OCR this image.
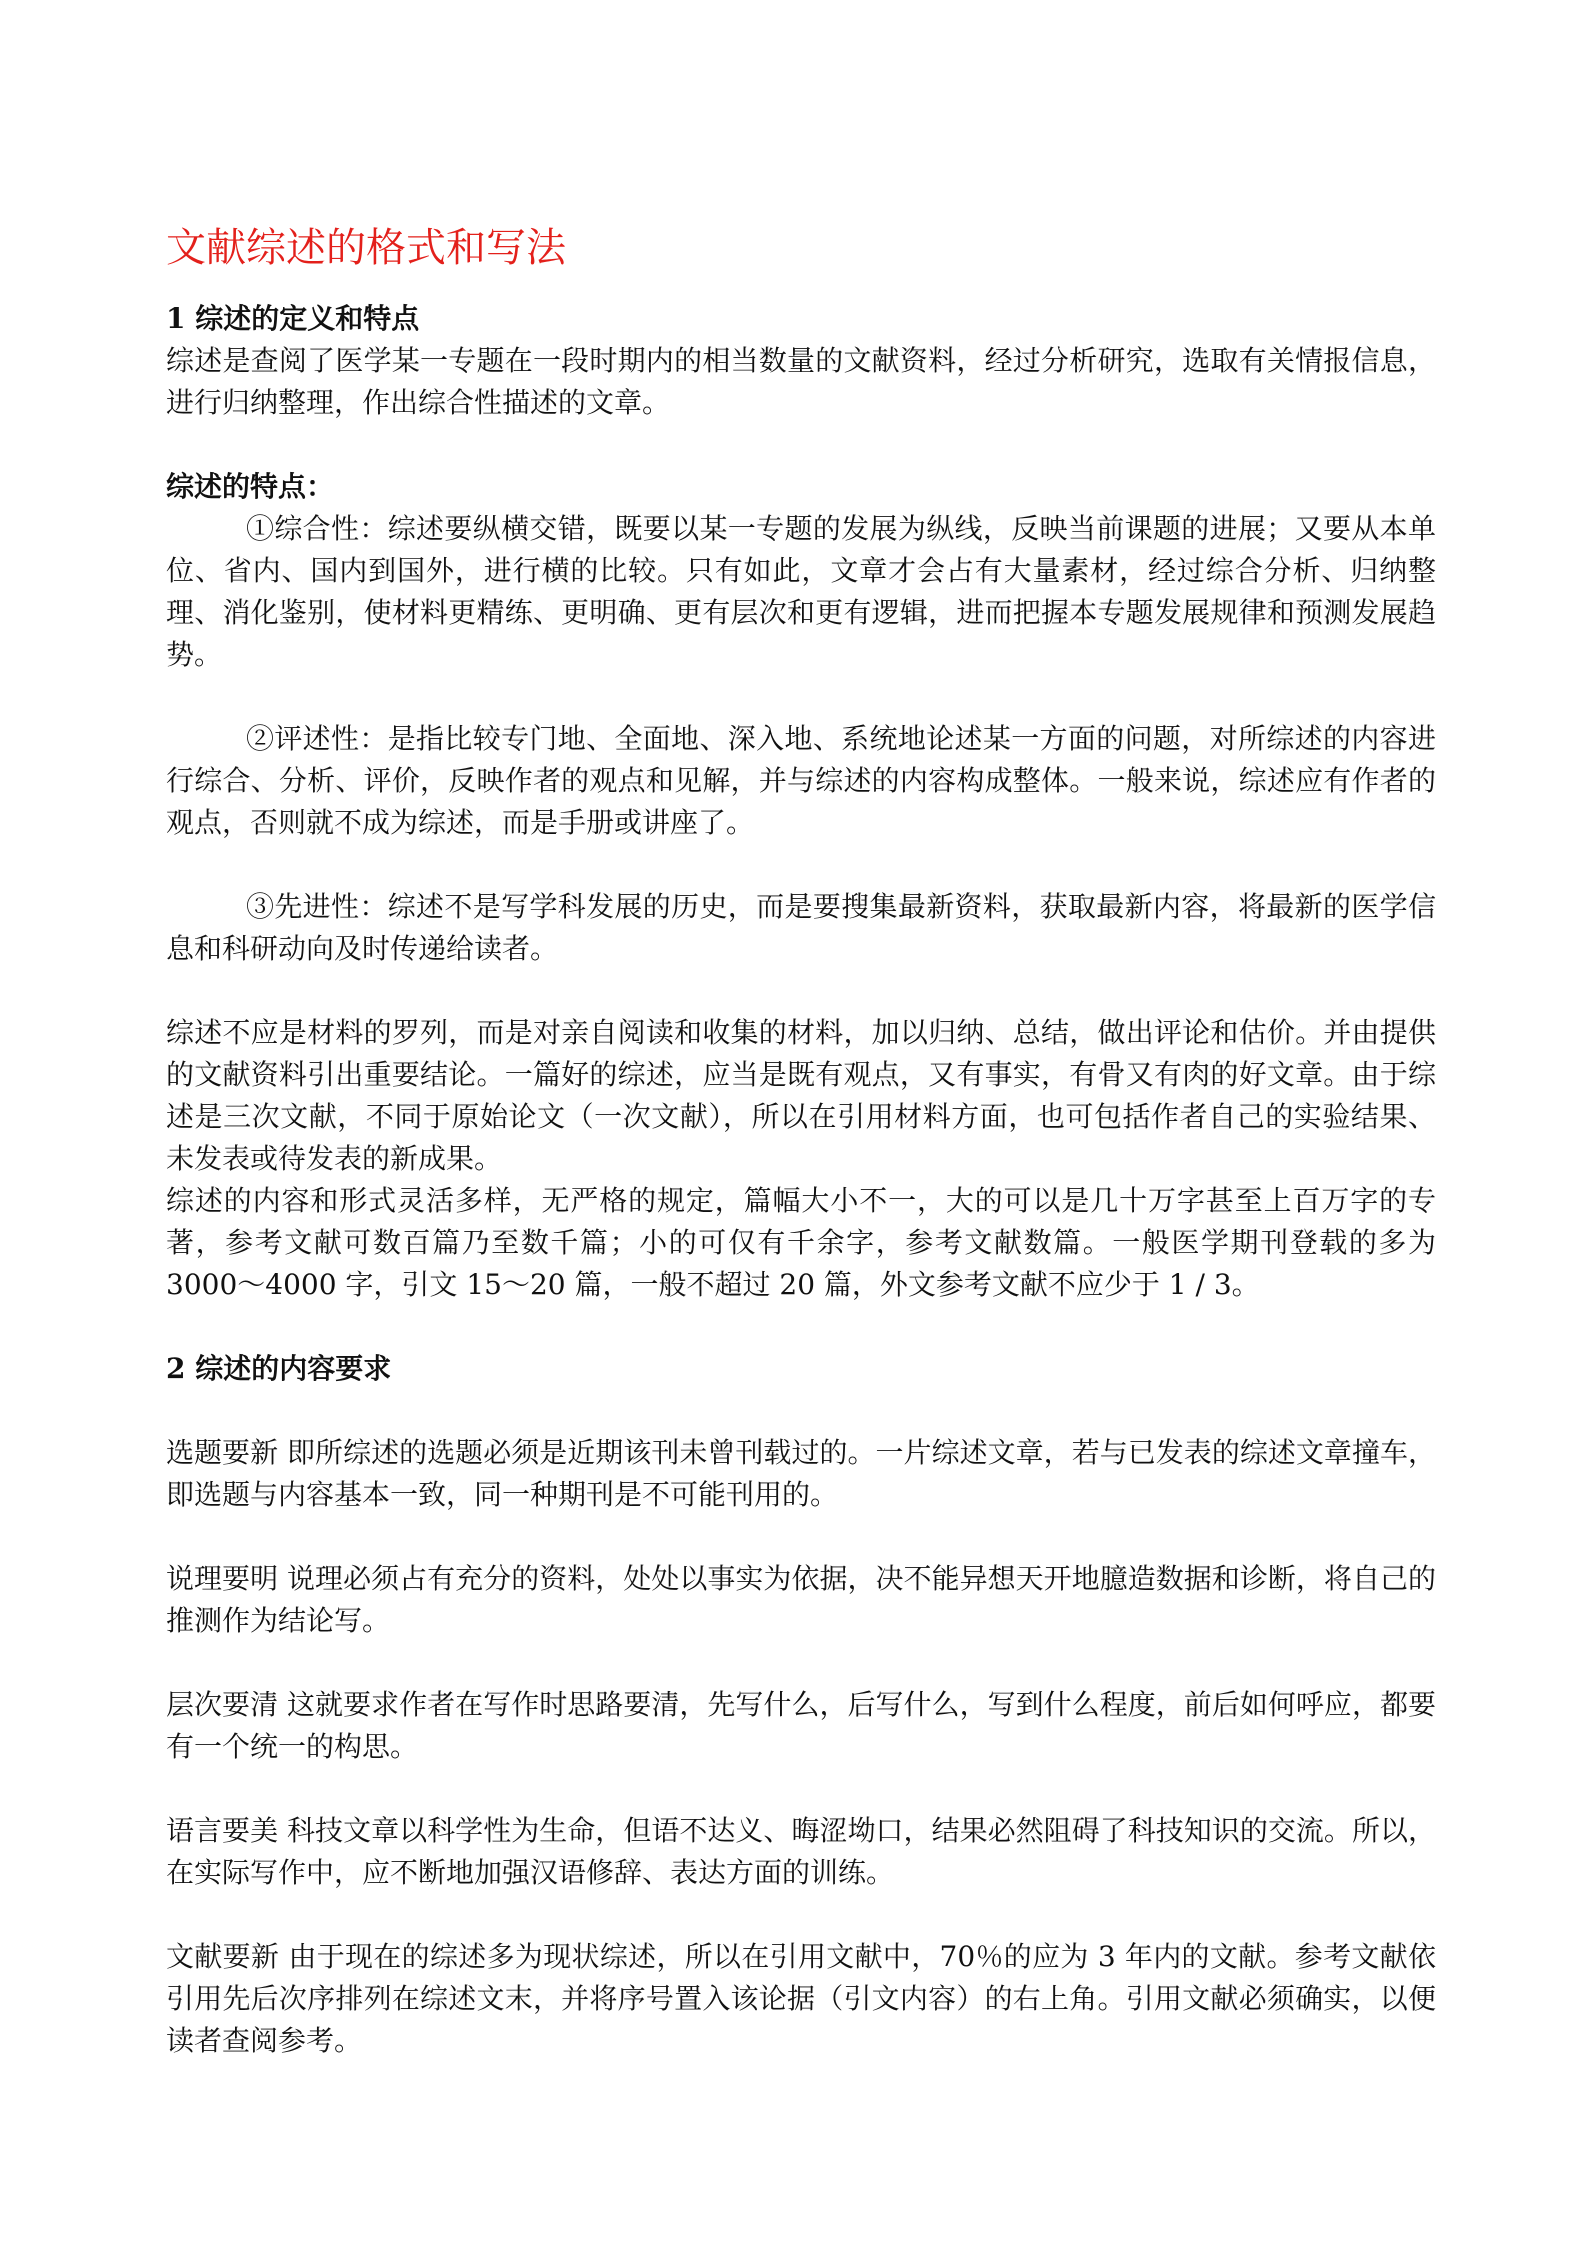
文献综述的格式和写法
1 综述的定义和特点

综述是查阅了医学某一专题在一段时期内的相当数量的文献资料，经过分析研究，选取有关情报信息，进行归纳整理，作出综合性描述的文章。

综述的特点：

①综合性：综述要纵横交错，既要以某一专题的发展为纵线，反映当前课题的进展；又要从本单位、省内、国内到国外，进行横的比较。只有如此，文章才会占有大量素材，经过综合分析、归纳整理、消化鉴别，使材料更精练、更明确、更有层次和更有逻辑，进而把握本专题发展规律和预测发展趋势。

②评述性：是指比较专门地、全面地、深入地、系统地论述某一方面的问题，对所综述的内容进行综合、分析、评价，反映作者的观点和见解，并与综述的内容构成整体。一般来说，综述应有作者的观点，否则就不成为综述，而是手册或讲座了。

③先进性：综述不是写学科发展的历史，而是要搜集最新资料，获取最新内容，将最新的医学信息和科研动向及时传递给读者。

综述不应是材料的罗列，而是对亲自阅读和收集的材料，加以归纳、总结，做出评论和估价。并由提供的文献资料引出重要结论。一篇好的综述，应当是既有观点，又有事实，有骨又有肉的好文章。由于综述是三次文献，不同于原始论文（一次文献），所以在引用材料方面，也可包括作者自己的实验结果、未发表或待发表的新成果。

综述的内容和形式灵活多样，无严格的规定，篇幅大小不一，大的可以是几十万字甚至上百万字的专著，参考文献可数百篇乃至数千篇；小的可仅有千余字，参考文献数篇。一般医学期刊登载的多为 3000～4000 字，引文 15～20 篇，一般不超过 20 篇，外文参考文献不应少于 1 / 3。

2 综述的内容要求

选题要新 即所综述的选题必须是近期该刊未曾刊载过的。一片综述文章，若与已发表的综述文章撞车，即选题与内容基本一致，同一种期刊是不可能刊用的。

说理要明 说理必须占有充分的资料，处处以事实为依据，决不能异想天开地臆造数据和诊断，将自己的推测作为结论写。

层次要清 这就要求作者在写作时思路要清，先写什么，后写什么，写到什么程度，前后如何呼应，都要有一个统一的构思。

语言要美 科技文章以科学性为生命，但语不达义、晦涩坳口，结果必然阻碍了科技知识的交流。所以，在实际写作中，应不断地加强汉语修辞、表达方面的训练。

文献要新 由于现在的综述多为现状综述，所以在引用文献中，70％的应为 3 年内的文献。参考文献依引用先后次序排列在综述文末，并将序号置入该论据（引文内容）的右上角。引用文献必须确实，以便读者查阅参考。
